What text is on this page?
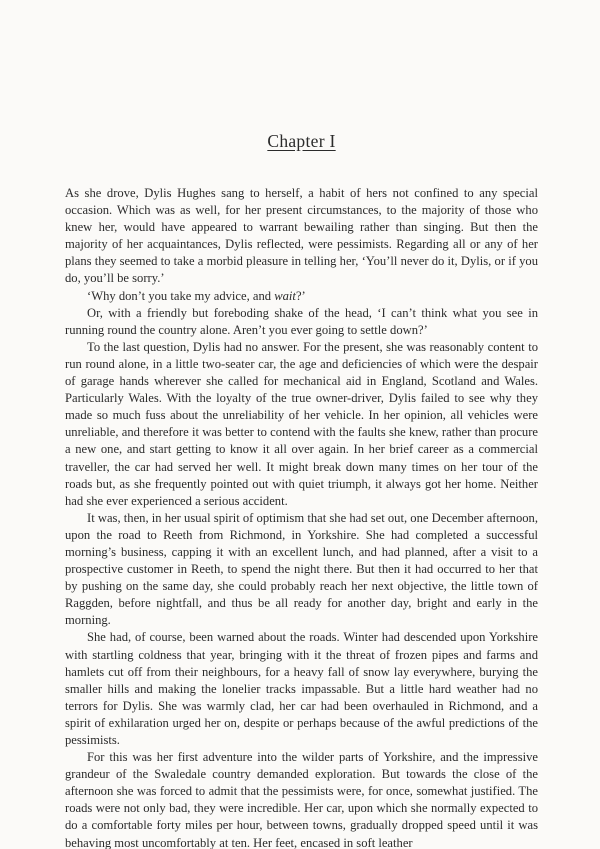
Chapter I

As she drove, Dylis Hughes sang to herself, a habit of hers not confined to any special occasion. Which was as well, for her present circumstances, to the majority of those who knew her, would have appeared to warrant bewailing rather than singing. But then the majority of her acquaintances, Dylis reflected, were pessimists. Regarding all or any of her plans they seemed to take a morbid pleasure in telling her, ‘You’ll never do it, Dylis, or if you do, you’ll be sorry.’

‘Why don’t you take my advice, and wait?’

Or, with a friendly but foreboding shake of the head, ‘I can’t think what you see in running round the country alone. Aren’t you ever going to settle down?’

To the last question, Dylis had no answer. For the present, she was reasonably content to run round alone, in a little two-seater car, the age and deficiencies of which were the despair of garage hands wherever she called for mechanical aid in England, Scotland and Wales. Particularly Wales. With the loyalty of the true owner-driver, Dylis failed to see why they made so much fuss about the unreliability of her vehicle. In her opinion, all vehicles were unreliable, and therefore it was better to contend with the faults she knew, rather than procure a new one, and start getting to know it all over again. In her brief career as a commercial traveller, the car had served her well. It might break down many times on her tour of the roads but, as she frequently pointed out with quiet triumph, it always got her home. Neither had she ever experienced a serious accident.

It was, then, in her usual spirit of optimism that she had set out, one December afternoon, upon the road to Reeth from Richmond, in Yorkshire. She had completed a successful morning’s business, capping it with an excellent lunch, and had planned, after a visit to a prospective customer in Reeth, to spend the night there. But then it had occurred to her that by pushing on the same day, she could probably reach her next objective, the little town of Raggden, before nightfall, and thus be all ready for another day, bright and early in the morning.

She had, of course, been warned about the roads. Winter had descended upon Yorkshire with startling coldness that year, bringing with it the threat of frozen pipes and farms and hamlets cut off from their neighbours, for a heavy fall of snow lay everywhere, burying the smaller hills and making the lonelier tracks impassable. But a little hard weather had no terrors for Dylis. She was warmly clad, her car had been overhauled in Richmond, and a spirit of exhilaration urged her on, despite or perhaps because of the awful predictions of the pessimists.

For this was her first adventure into the wilder parts of Yorkshire, and the impressive grandeur of the Swaledale country demanded exploration. But towards the close of the afternoon she was forced to admit that the pessimists were, for once, somewhat justified. The roads were not only bad, they were incredible. Her car, upon which she normally expected to do a comfortable forty miles per hour, between towns, gradually dropped speed until it was behaving most uncomfortably at ten. Her feet, encased in soft leather
